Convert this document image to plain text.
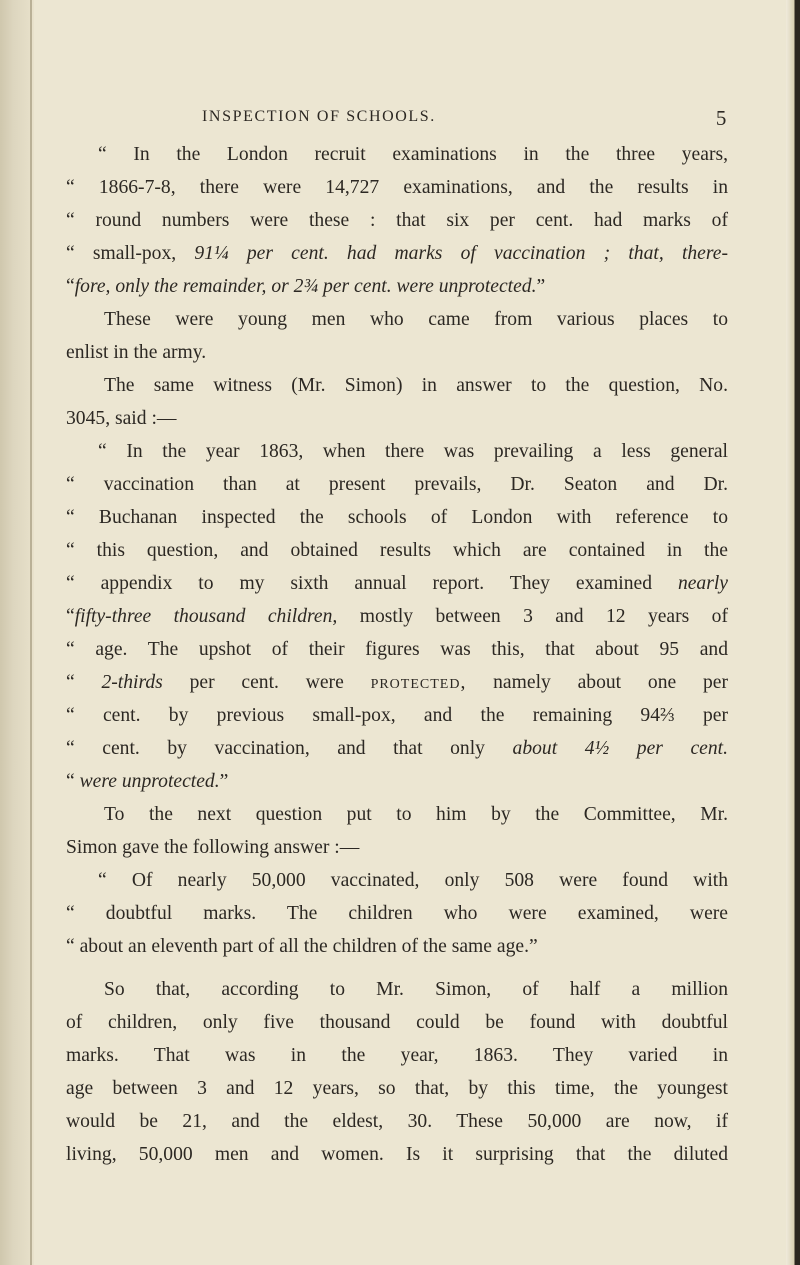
INSPECTION OF SCHOOLS.	5
“ In the London recruit examinations in the three years,
“ 1866-7-8, there were 14,727 examinations, and the results in
“ round numbers were these : that six per cent. had marks of
“ small-pox, 91¼ per cent. had marks of vaccination ; that, there-
“fore, only the remainder, or 2¾ per cent. were unprotected.”
These were young men who came from various places to
enlist in the army.
The same witness (Mr. Simon) in answer to the question, No.
3045, said :—
“ In the year 1863, when there was prevailing a less general
“ vaccination than at present prevails, Dr. Seaton and Dr.
“ Buchanan inspected the schools of London with reference to
“ this question, and obtained results which are contained in the
“ appendix to my sixth annual report. They examined nearly
“fifty-three thousand children, mostly between 3 and 12 years of
“ age. The upshot of their figures was this, that about 95 and
“ 2-thirds per cent. were protected, namely about one per
“ cent. by previous small-pox, and the remaining 94⅔ per
“ cent. by vaccination, and that only about 4½ per cent.
“ were unprotected.”
To the next question put to him by the Committee, Mr.
Simon gave the following answer :—
“ Of nearly 50,000 vaccinated, only 508 were found with
“ doubtful marks. The children who were examined, were
“ about an eleventh part of all the children of the same age.”
So that, according to Mr. Simon, of half a million
of children, only five thousand could be found with doubtful
marks. That was in the year, 1863. They varied in
age between 3 and 12 years, so that, by this time, the youngest
would be 21, and the eldest, 30. These 50,000 are now, if
living, 50,000 men and women. Is it surprising that the diluted
